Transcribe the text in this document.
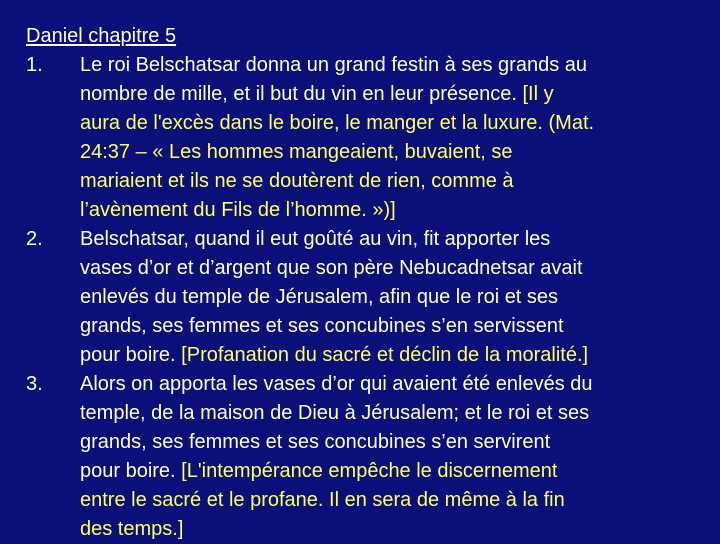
Daniel chapitre 5
1. Le roi Belschatsar donna un grand festin à ses grands au
nombre de mille, et il but du vin en leur présence. [Il y
aura de l'excès dans le boire, le manger et la luxure. (Mat.
24:37 – « Les hommes mangeaient, buvaient, se
mariaient et ils ne se doutèrent de rien, comme à
l’avènement du Fils de l’homme. »)]
2. Belschatsar, quand il eut goûté au vin, fit apporter les
vases d’or et d’argent que son père Nebucadnetsar avait
enlevés du temple de Jérusalem, afin que le roi et ses
grands, ses femmes et ses concubines s’en servissent
pour boire. [Profanation du sacré et déclin de la moralité.]
3. Alors on apporta les vases d’or qui avaient été enlevés du
temple, de la maison de Dieu à Jérusalem; et le roi et ses
grands, ses femmes et ses concubines s’en servirent
pour boire. [L'intempérance empêche le discernement
entre le sacré et le profane. Il en sera de même à la fin
des temps.]
